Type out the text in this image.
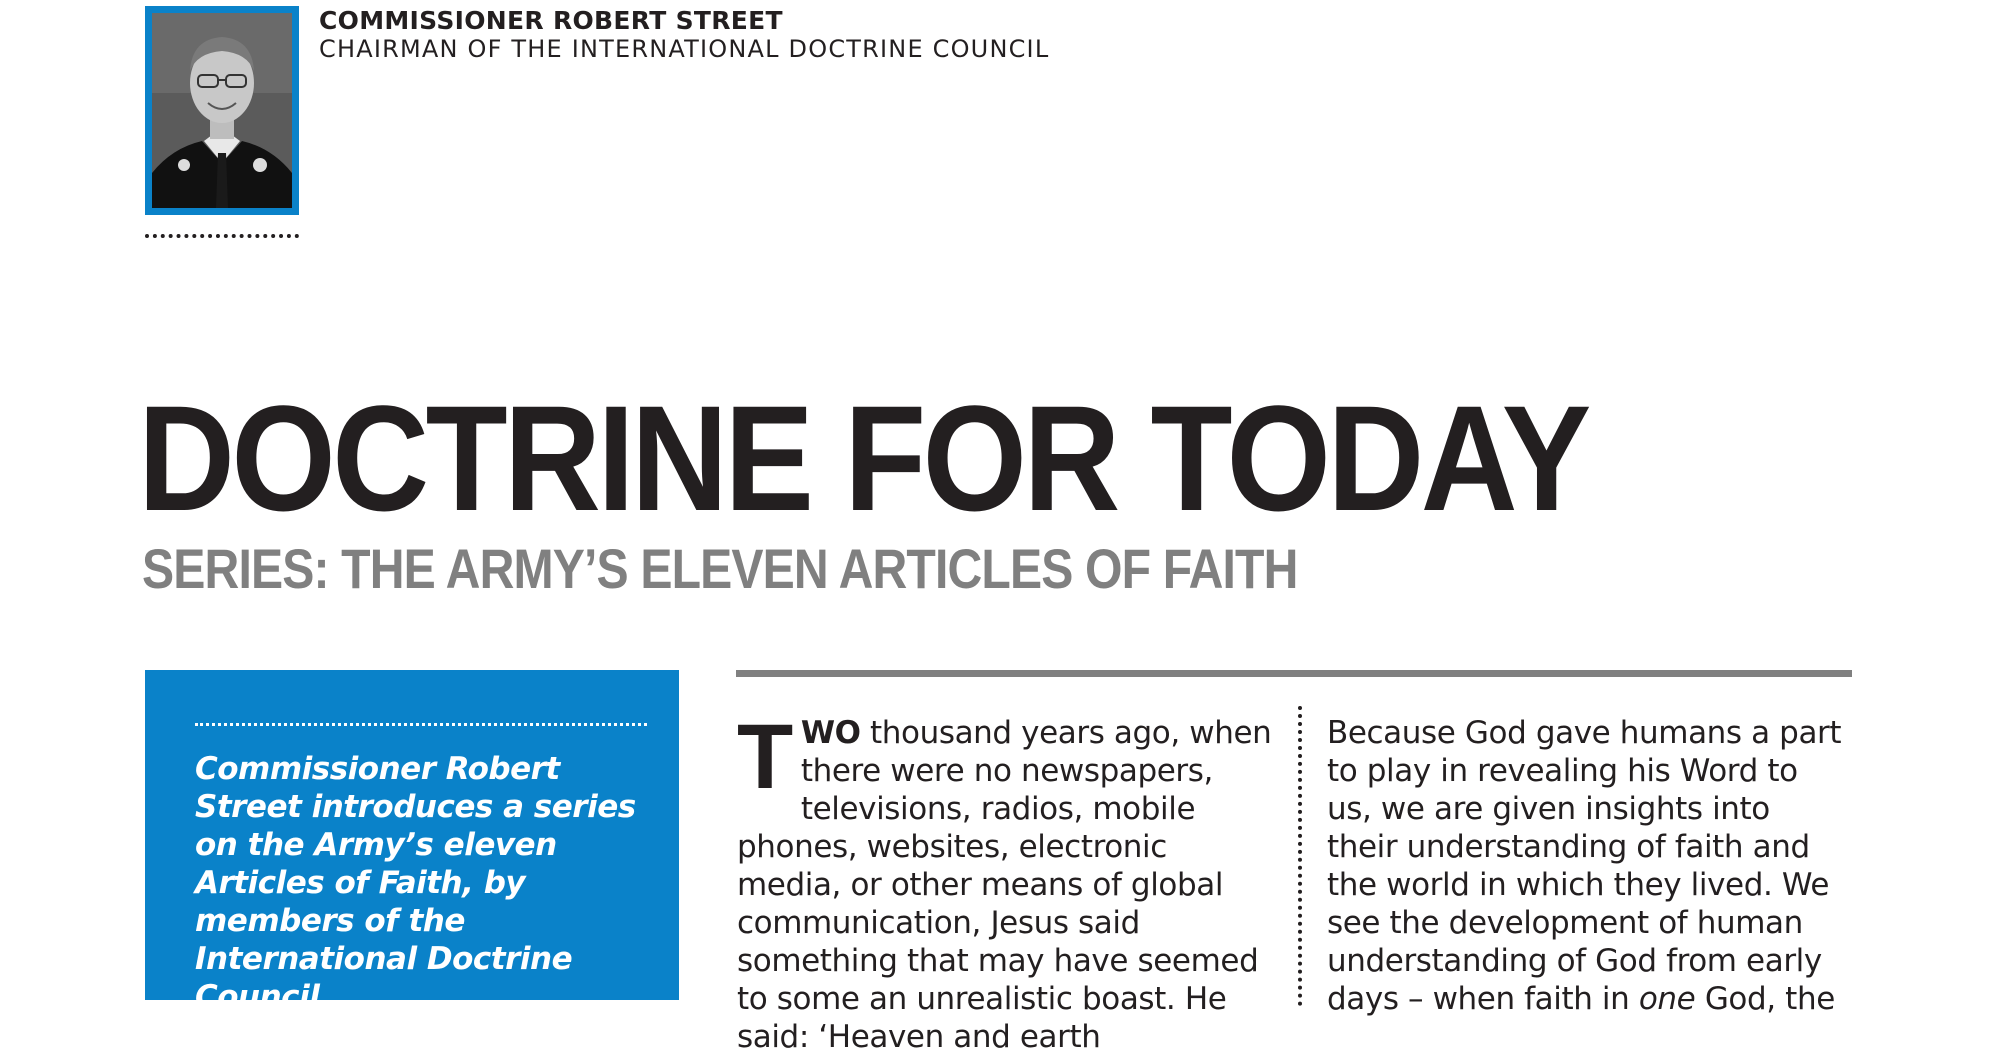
COMMISSIONER ROBERT STREET
CHAIRMAN OF THE INTERNATIONAL DOCTRINE COUNCIL
DOCTRINE FOR TODAY
SERIES: THE ARMY’S ELEVEN ARTICLES OF FAITH
Commissioner Robert Street introduces a series on the Army’s eleven Articles of Faith, by members of the International Doctrine Council
TWO thousand years ago, when there were no newspapers, televisions, radios, mobile phones, websites, electronic media, or other means of global communication, Jesus said something that may have seemed to some an unrealistic boast. He said: ‘Heaven and earth
Because God gave humans a part to play in revealing his Word to us, we are given insights into their understanding of faith and the world in which they lived. We see the development of human understanding of God from early days – when faith in one God, the
